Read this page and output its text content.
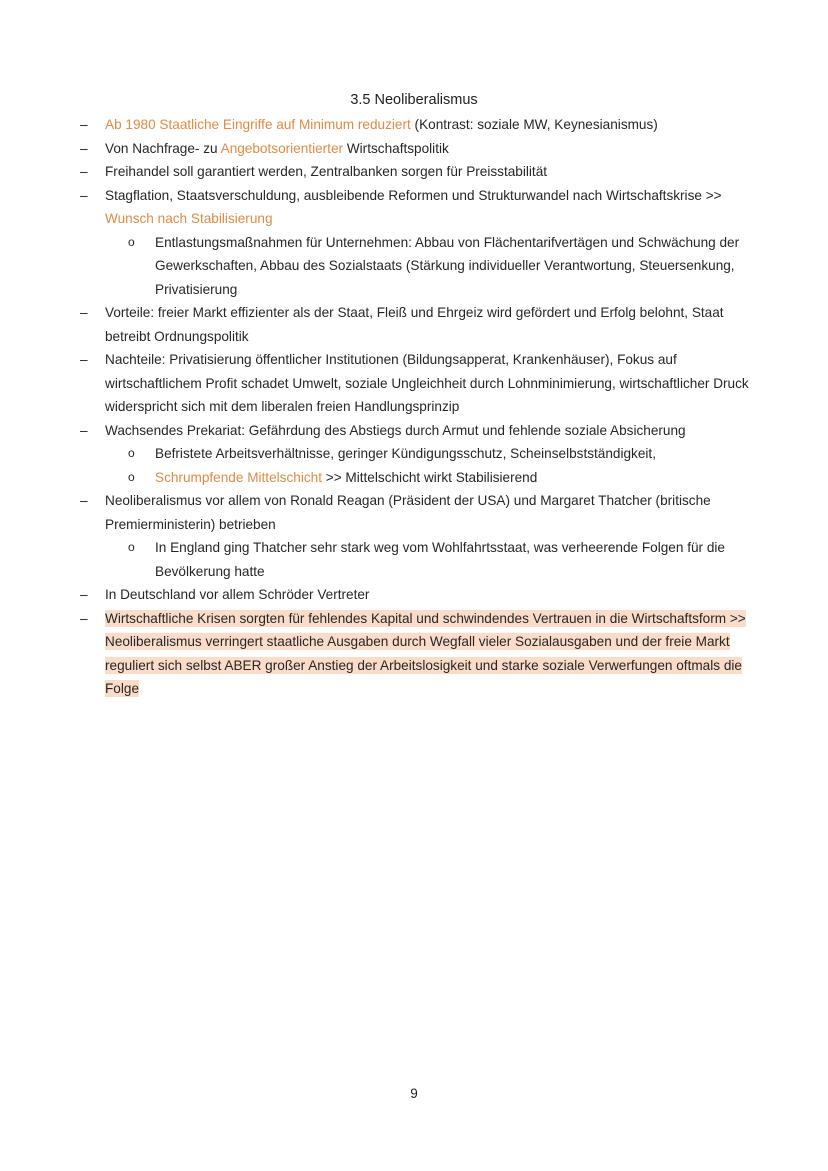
3.5 Neoliberalismus
–	Ab 1980 Staatliche Eingriffe auf Minimum reduziert (Kontrast: soziale MW, Keynesianismus)
–	Von Nachfrage- zu Angebotsorientierter Wirtschaftspolitik
–	Freihandel soll garantiert werden, Zentralbanken sorgen für Preisstabilität
–	Stagflation, Staatsverschuldung, ausbleibende Reformen und Strukturwandel nach Wirtschaftskrise >> Wunsch nach Stabilisierung
o Entlastungsmaßnahmen für Unternehmen: Abbau von Flächentarifvertägen und Schwächung der Gewerkschaften, Abbau des Sozialstaats (Stärkung individueller Verantwortung, Steuersenkung, Privatisierung
–	Vorteile: freier Markt effizienter als der Staat, Fleiß und Ehrgeiz wird gefördert und Erfolg belohnt, Staat betreibt Ordnungspolitik
–	Nachteile: Privatisierung öffentlicher Institutionen (Bildungsapperat, Krankenhäuser), Fokus auf wirtschaftlichem Profit schadet Umwelt, soziale Ungleichheit durch Lohnminimierung, wirtschaftlicher Druck widerspricht sich mit dem liberalen freien Handlungsprinzip
–	Wachsendes Prekariat: Gefährdung des Abstiegs durch Armut und fehlende soziale Absicherung
o Befristete Arbeitsverhältnisse, geringer Kündigungsschutz, Scheinselbstständigkeit,
o Schrumpfende Mittelschicht >> Mittelschicht wirkt Stabilisierend
–	Neoliberalismus vor allem von Ronald Reagan (Präsident der USA) und Margaret Thatcher (britische Premierministerin) betrieben
o In England ging Thatcher sehr stark weg vom Wohlfahrtsstaat, was verheerende Folgen für die Bevölkerung hatte
–	In Deutschland vor allem Schröder Vertreter
–	Wirtschaftliche Krisen sorgten für fehlendes Kapital und schwindendes Vertrauen in die Wirtschaftsform >> Neoliberalismus verringert staatliche Ausgaben durch Wegfall vieler Sozialausgaben und der freie Markt reguliert sich selbst ABER großer Anstieg der Arbeitslosigkeit und starke soziale Verwerfungen oftmals die Folge
9
